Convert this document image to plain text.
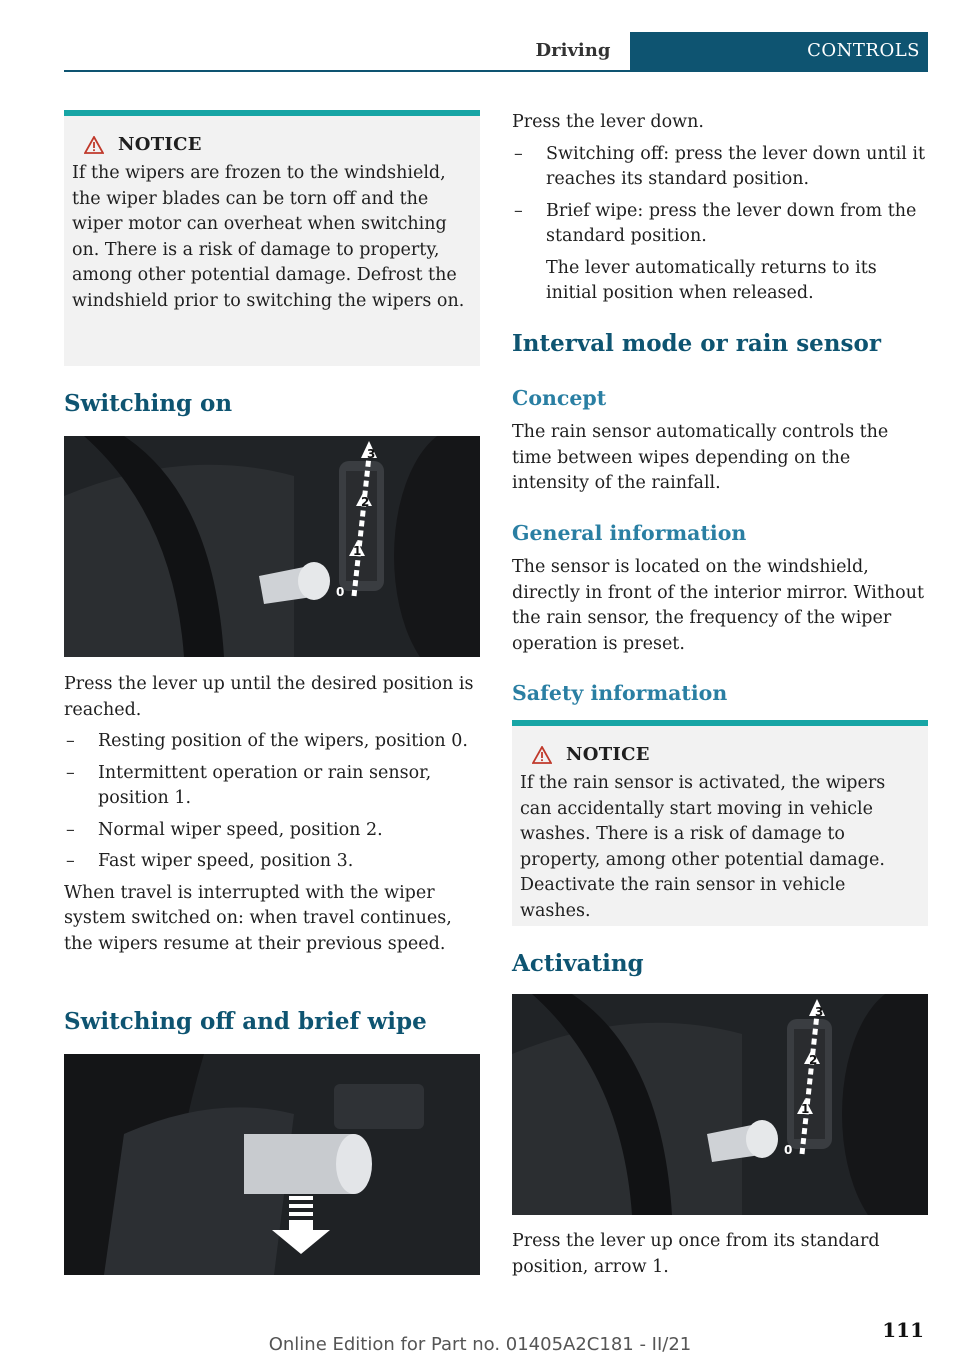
Driving	CONTROLS
NOTICE

If the wipers are frozen to the windshield, the wiper blades can be torn off and the wiper motor can overheat when switching on. There is a risk of damage to property, among other potential damage. Defrost the windshield prior to switching the wipers on.

Switching on
3
2
1
0

Press the lever up until the desired position is reached.

– Resting position of the wipers, position 0.
– Intermittent operation or rain sensor, position 1.
– Normal wiper speed, position 2.
– Fast wiper speed, position 3.

When travel is interrupted with the wiper system switched on: when travel continues, the wipers resume at their previous speed.

Switching off and brief wipe

Press the lever down.

– Switching off: press the lever down until it reaches its standard position.
– Brief wipe: press the lever down from the standard position.

The lever automatically returns to its initial position when released.

Interval mode or rain sensor
Concept

The rain sensor automatically controls the time between wipes depending on the intensity of the rainfall.

General information

The sensor is located on the windshield, directly in front of the interior mirror. Without the rain sensor, the frequency of the wiper operation is preset.

Safety information
NOTICE

If the rain sensor is activated, the wipers can accidentally start moving in vehicle washes. There is a risk of damage to property, among other potential damage. Deactivate the rain sensor in vehicle washes.

Activating
3
2
1
0

Press the lever up once from its standard position, arrow 1.

111
Online Edition for Part no. 01405A2C181 - II/21
